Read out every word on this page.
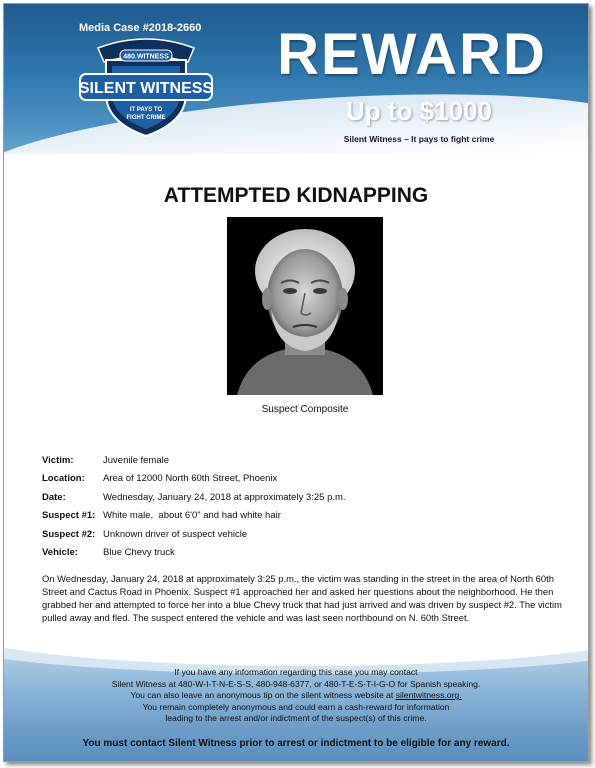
Media Case #2018-2660
480.WITNESS
SILENT WITNESS
IT PAYS TO
FIGHT CRIME
REWARD
Up to $1000
Silent Witness – It pays to fight crime
ATTEMPTED KIDNAPPING
Suspect Composite
Victim:	Juvenile female
Location:	Area of 12000 North 60th Street, Phoenix
Date:	Wednesday, January 24, 2018 at approximately 3:25 p.m.
Suspect #1: White male,  about 6'0" and had white hair
Suspect #2: Unknown driver of suspect vehicle
Vehicle:	Blue Chevy truck
On Wednesday, January 24, 2018 at approximately 3:25 p.m., the victim was standing in the street in the area of North 60th Street and Cactus Road in Phoenix. Suspect #1 approached her and asked her questions about the neighborhood. He then grabbed her and attempted to force her into a blue Chevy truck that had just arrived and was driven by suspect #2. The victim pulled away and fled. The suspect entered the vehicle and was last seen northbound on N. 60th Street.
If you have any information regarding this case you may contact
Silent Witness at 480-W-I-T-N-E-S-S, 480-948-6377, or 480-T-E-S-T-I-G-O for Spanish speaking.
You can also leave an anonymous tip on the silent witness website at silentwitness.org.
You remain completely anonymous and could earn a cash-reward for information
leading to the arrest and/or indictment of the suspect(s) of this crime.
You must contact Silent Witness prior to arrest or indictment to be eligible for any reward.
